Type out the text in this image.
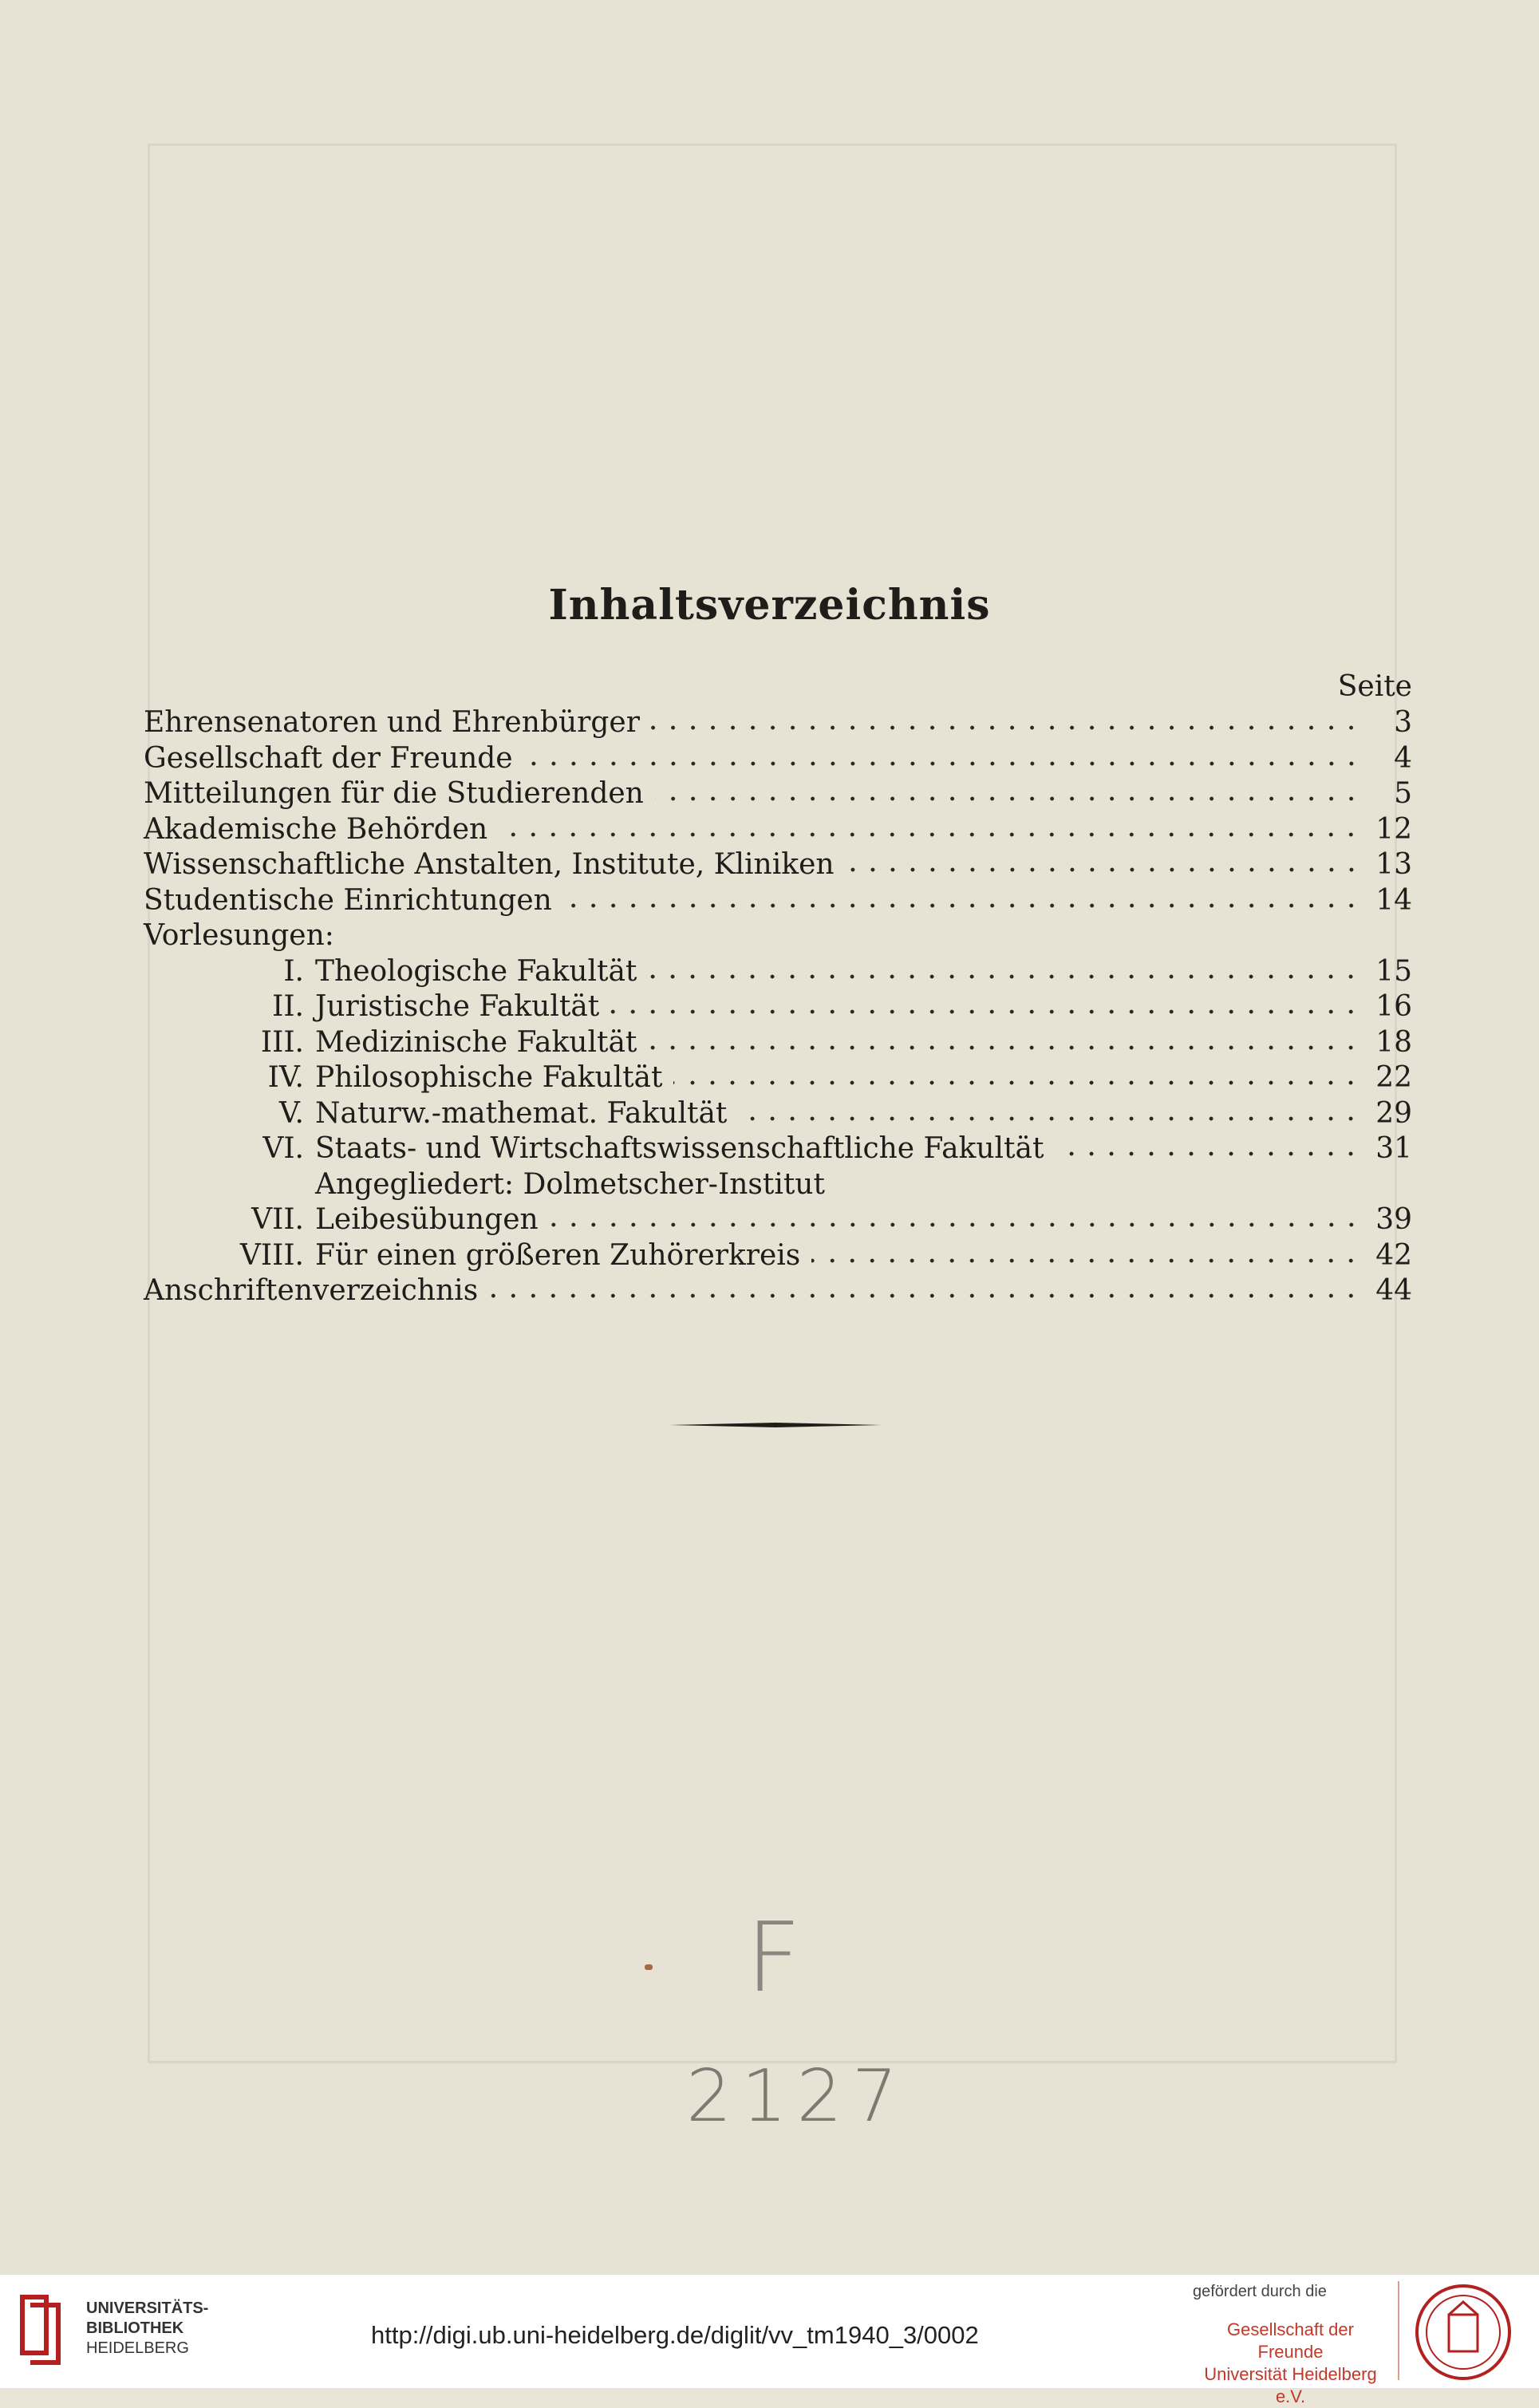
Inhaltsverzeichnis
Seite
Ehrensenatoren und Ehrenbürger	3
Gesellschaft der Freunde	4
Mitteilungen für die Studierenden	5
Akademische Behörden	12
Wissenschaftliche Anstalten, Institute, Kliniken	13
Studentische Einrichtungen	14
Vorlesungen:
I. Theologische Fakultät	15
II. Juristische Fakultät	16
III. Medizinische Fakultät	18
IV. Philosophische Fakultät	22
V. Naturw.-mathemat. Fakultät	29
VI. Staats- und Wirtschaftswissenschaftliche Fakultät	31
Angegliedert: Dolmetscher-Institut
VII. Leibesübungen	39
VIII. Für einen größeren Zuhörerkreis	42
Anschriftenverzeichnis	44
F
2127
UNIVERSITÄTS-
BIBLIOTHEK
HEIDELBERG	http://digi.ub.uni-heidelberg.de/diglit/vv_tm1940_3/0002
gefördert durch die
Gesellschaft der Freunde
Universität Heidelberg e.V.
